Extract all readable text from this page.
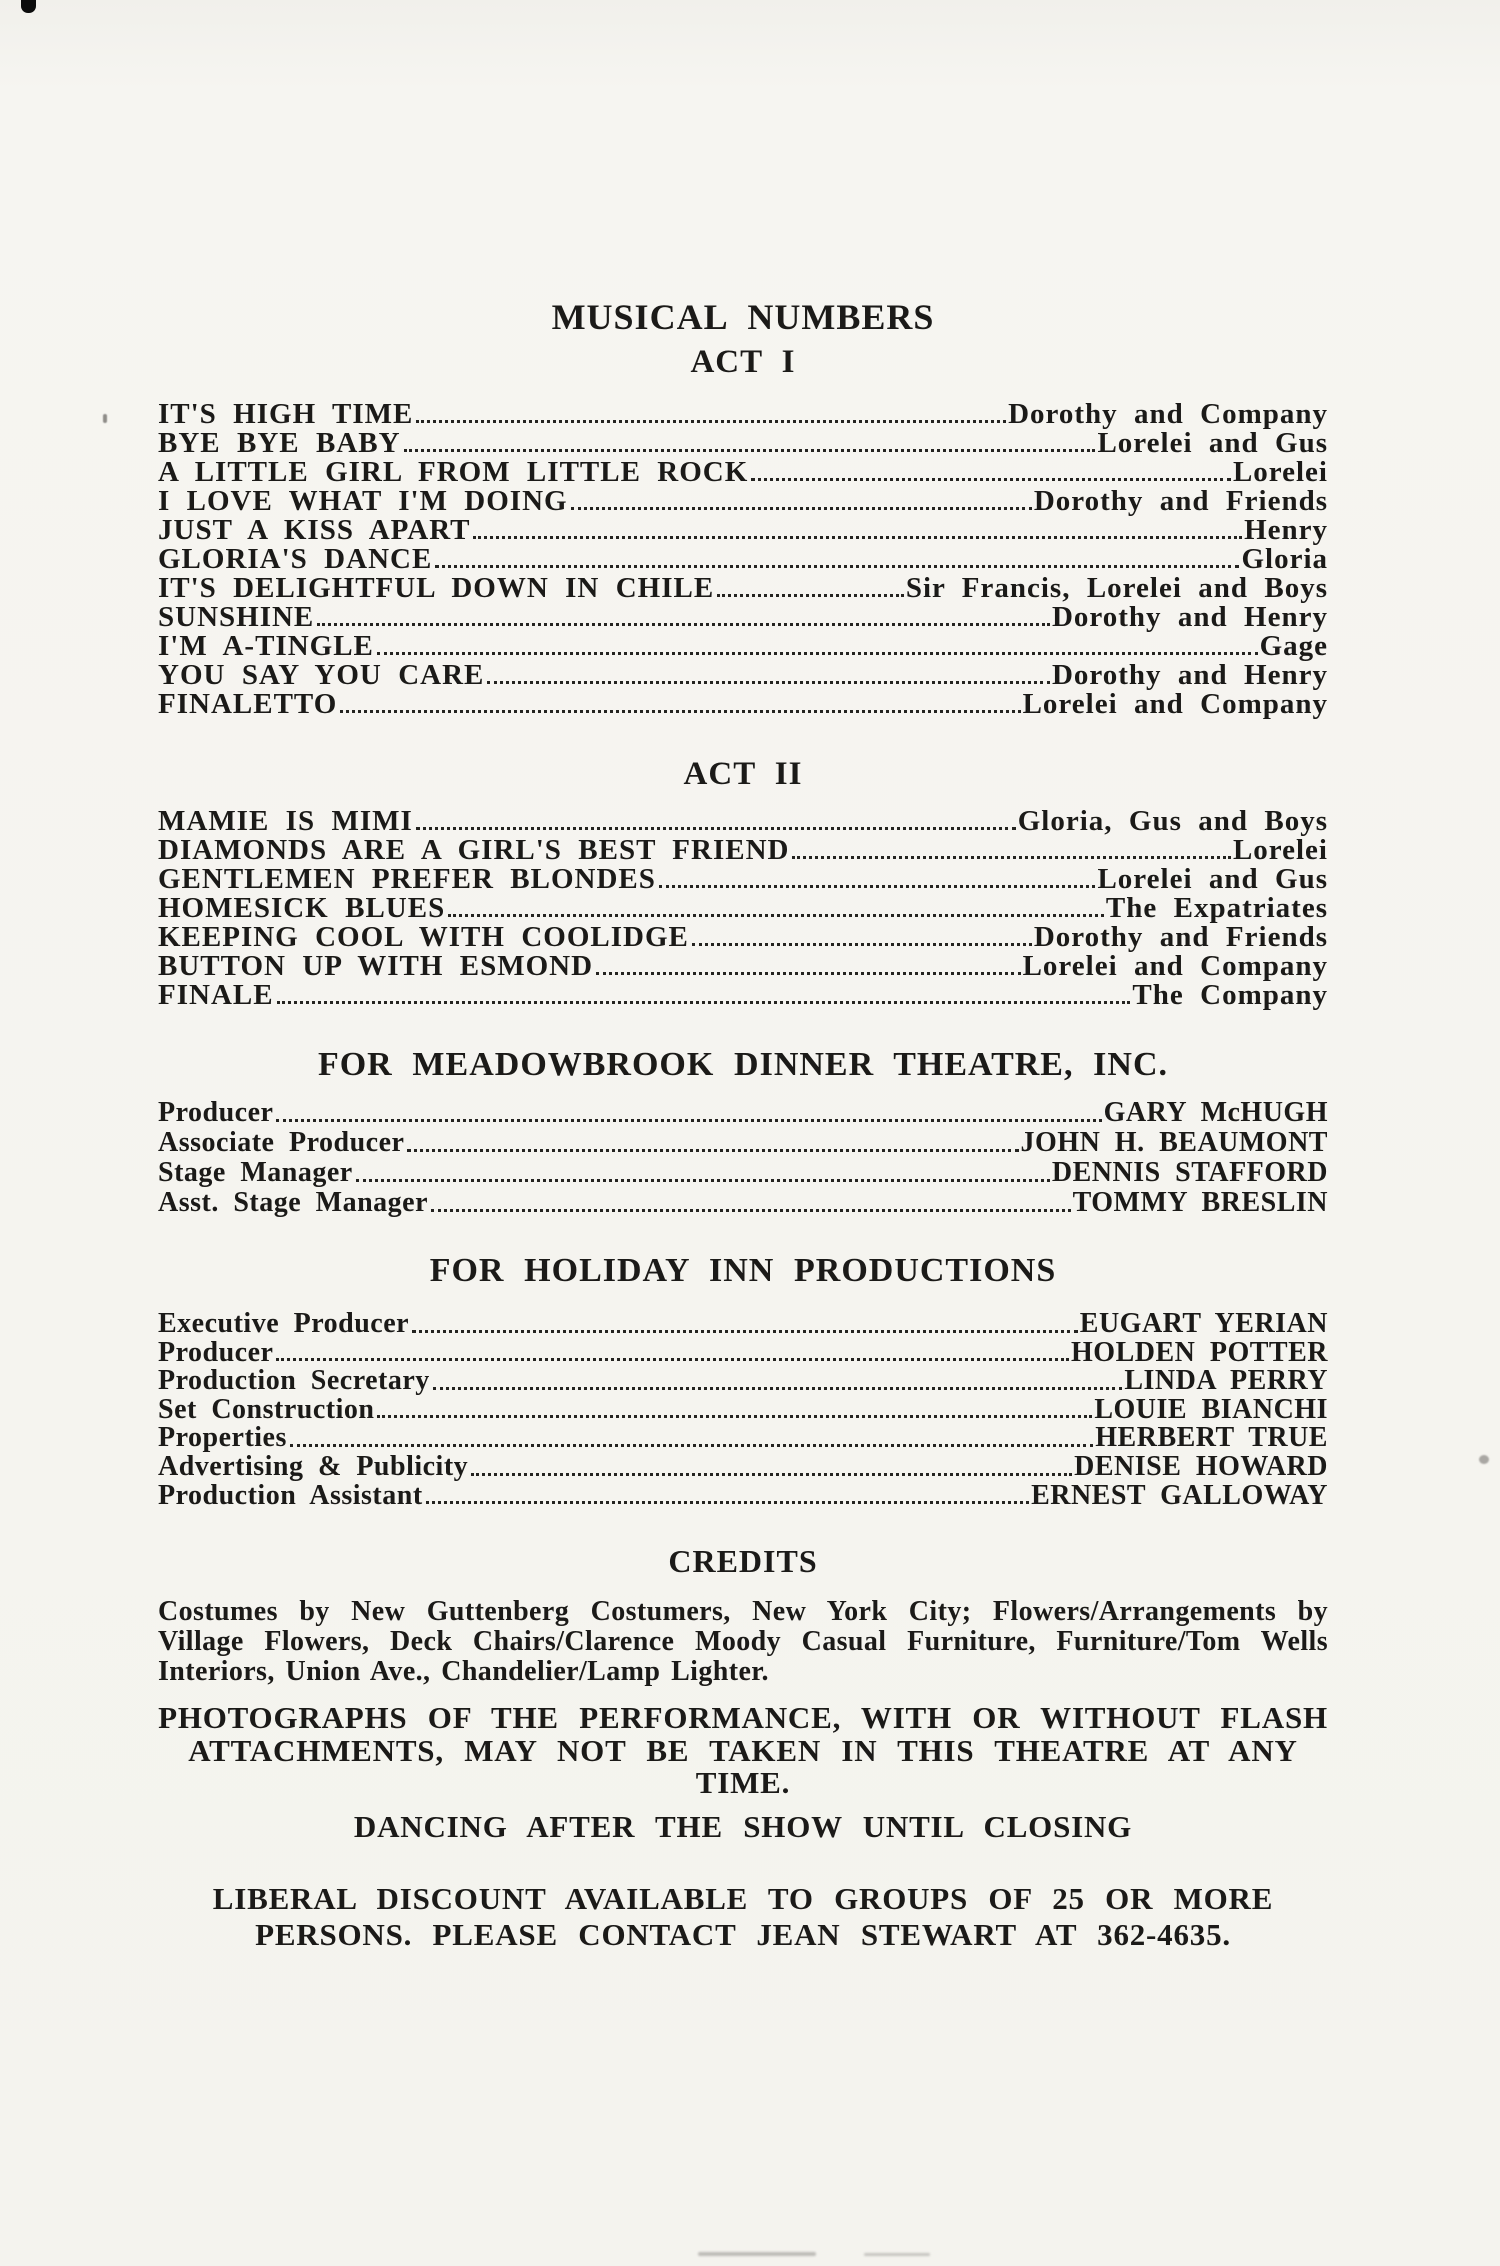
MUSICAL NUMBERS
ACT I
IT'S HIGH TIME	Dorothy and Company
BYE BYE BABY	Lorelei and Gus
A LITTLE GIRL FROM LITTLE ROCK	Lorelei
I LOVE WHAT I'M DOING	Dorothy and Friends
JUST A KISS APART	Henry
GLORIA'S DANCE	Gloria
IT'S DELIGHTFUL DOWN IN CHILE	Sir Francis, Lorelei and Boys
SUNSHINE	Dorothy and Henry
I'M A-TINGLE	Gage
YOU SAY YOU CARE	Dorothy and Henry
FINALETTO	Lorelei and Company
ACT II
MAMIE IS MIMI	Gloria, Gus and Boys
DIAMONDS ARE A GIRL'S BEST FRIEND	Lorelei
GENTLEMEN PREFER BLONDES	Lorelei and Gus
HOMESICK BLUES	The Expatriates
KEEPING COOL WITH COOLIDGE	Dorothy and Friends
BUTTON UP WITH ESMOND	Lorelei and Company
FINALE	The Company
FOR MEADOWBROOK DINNER THEATRE, INC.
Producer	GARY McHUGH
Associate Producer	JOHN H. BEAUMONT
Stage Manager	DENNIS STAFFORD
Asst. Stage Manager	TOMMY BRESLIN
FOR HOLIDAY INN PRODUCTIONS
Executive Producer	EUGART YERIAN
Producer	HOLDEN POTTER
Production Secretary	LINDA PERRY
Set Construction	LOUIE BIANCHI
Properties	HERBERT TRUE
Advertising & Publicity	DENISE HOWARD
Production Assistant	ERNEST GALLOWAY
CREDITS
Costumes by New Guttenberg Costumers, New York City; Flowers/Arrangements by
Village Flowers, Deck Chairs/Clarence Moody Casual Furniture, Furniture/Tom Wells
Interiors, Union Ave., Chandelier/Lamp Lighter.
PHOTOGRAPHS OF THE PERFORMANCE, WITH OR WITHOUT FLASH
ATTACHMENTS, MAY NOT BE TAKEN IN THIS THEATRE AT ANY TIME.
DANCING AFTER THE SHOW UNTIL CLOSING
LIBERAL DISCOUNT AVAILABLE TO GROUPS OF 25 OR MORE
PERSONS. PLEASE CONTACT JEAN STEWART AT 362-4635.
